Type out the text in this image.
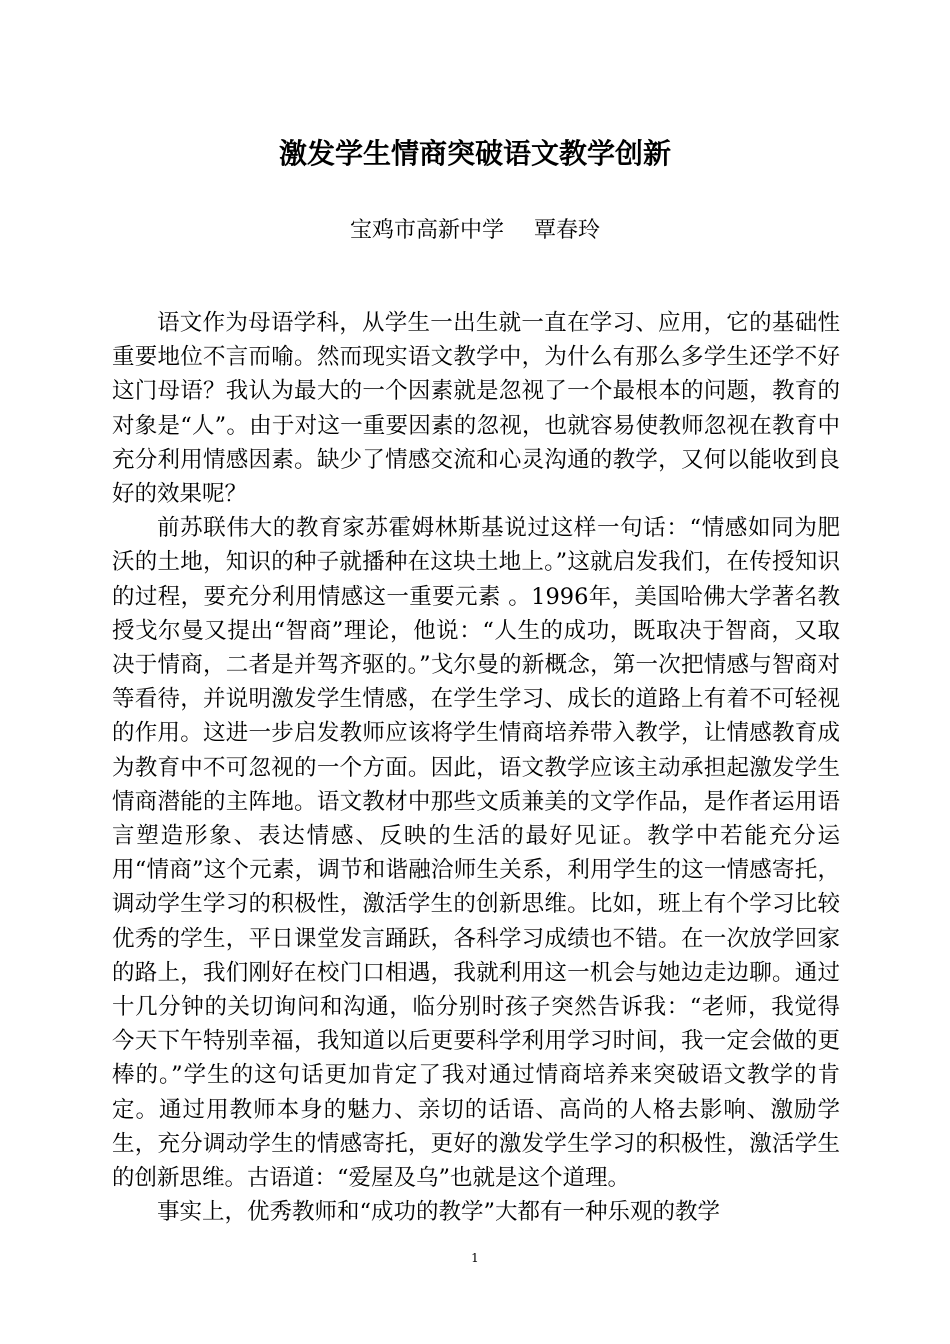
激发学生情商突破语文教学创新
宝鸡市高新中学 覃春玲

语文作为母语学科，从学生一出生就一直在学习、应用，它的基础性重要地位不言而喻。然而现实语文教学中，为什么有那么多学生还学不好这门母语？我认为最大的一个因素就是忽视了一个最根本的问题，教育的对象是“人”。由于对这一重要因素的忽视，也就容易使教师忽视在教育中充分利用情感因素。缺少了情感交流和心灵沟通的教学，又何以能收到良好的效果呢？

前苏联伟大的教育家苏霍姆林斯基说过这样一句话：“情感如同为肥沃的土地，知识的种子就播种在这块土地上。”这就启发我们，在传授知识的过程，要充分利用情感这一重要元素 。1996年，美国哈佛大学著名教授戈尔曼又提出“智商”理论，他说：“人生的成功，既取决于智商，又取决于情商，二者是并驾齐驱的。”戈尔曼的新概念，第一次把情感与智商对等看待，并说明激发学生情感，在学生学习、成长的道路上有着不可轻视的作用。这进一步启发教师应该将学生情商培养带入教学，让情感教育成为教育中不可忽视的一个方面。因此，语文教学应该主动承担起激发学生情商潜能的主阵地。语文教材中那些文质兼美的文学作品，是作者运用语言塑造形象、表达情感、反映的生活的最好见证。教学中若能充分运用“情商”这个元素，调节和谐融洽师生关系，利用学生的这一情感寄托，调动学生学习的积极性，激活学生的创新思维。比如，班上有个学习比较优秀的学生，平日课堂发言踊跃，各科学习成绩也不错。在一次放学回家的路上，我们刚好在校门口相遇，我就利用这一机会与她边走边聊。通过十几分钟的关切询问和沟通，临分别时孩子突然告诉我：“老师，我觉得今天下午特别幸福，我知道以后更要科学利用学习时间，我一定会做的更棒的。”学生的这句话更加肯定了我对通过情商培养来突破语文教学的肯定。通过用教师本身的魅力、亲切的话语、高尚的人格去影响、激励学生，充分调动学生的情感寄托，更好的激发学生学习的积极性，激活学生的创新思维。古语道：“爱屋及乌”也就是这个道理。

事实上，优秀教师和“成功的教学”大都有一种乐观的教学

1
